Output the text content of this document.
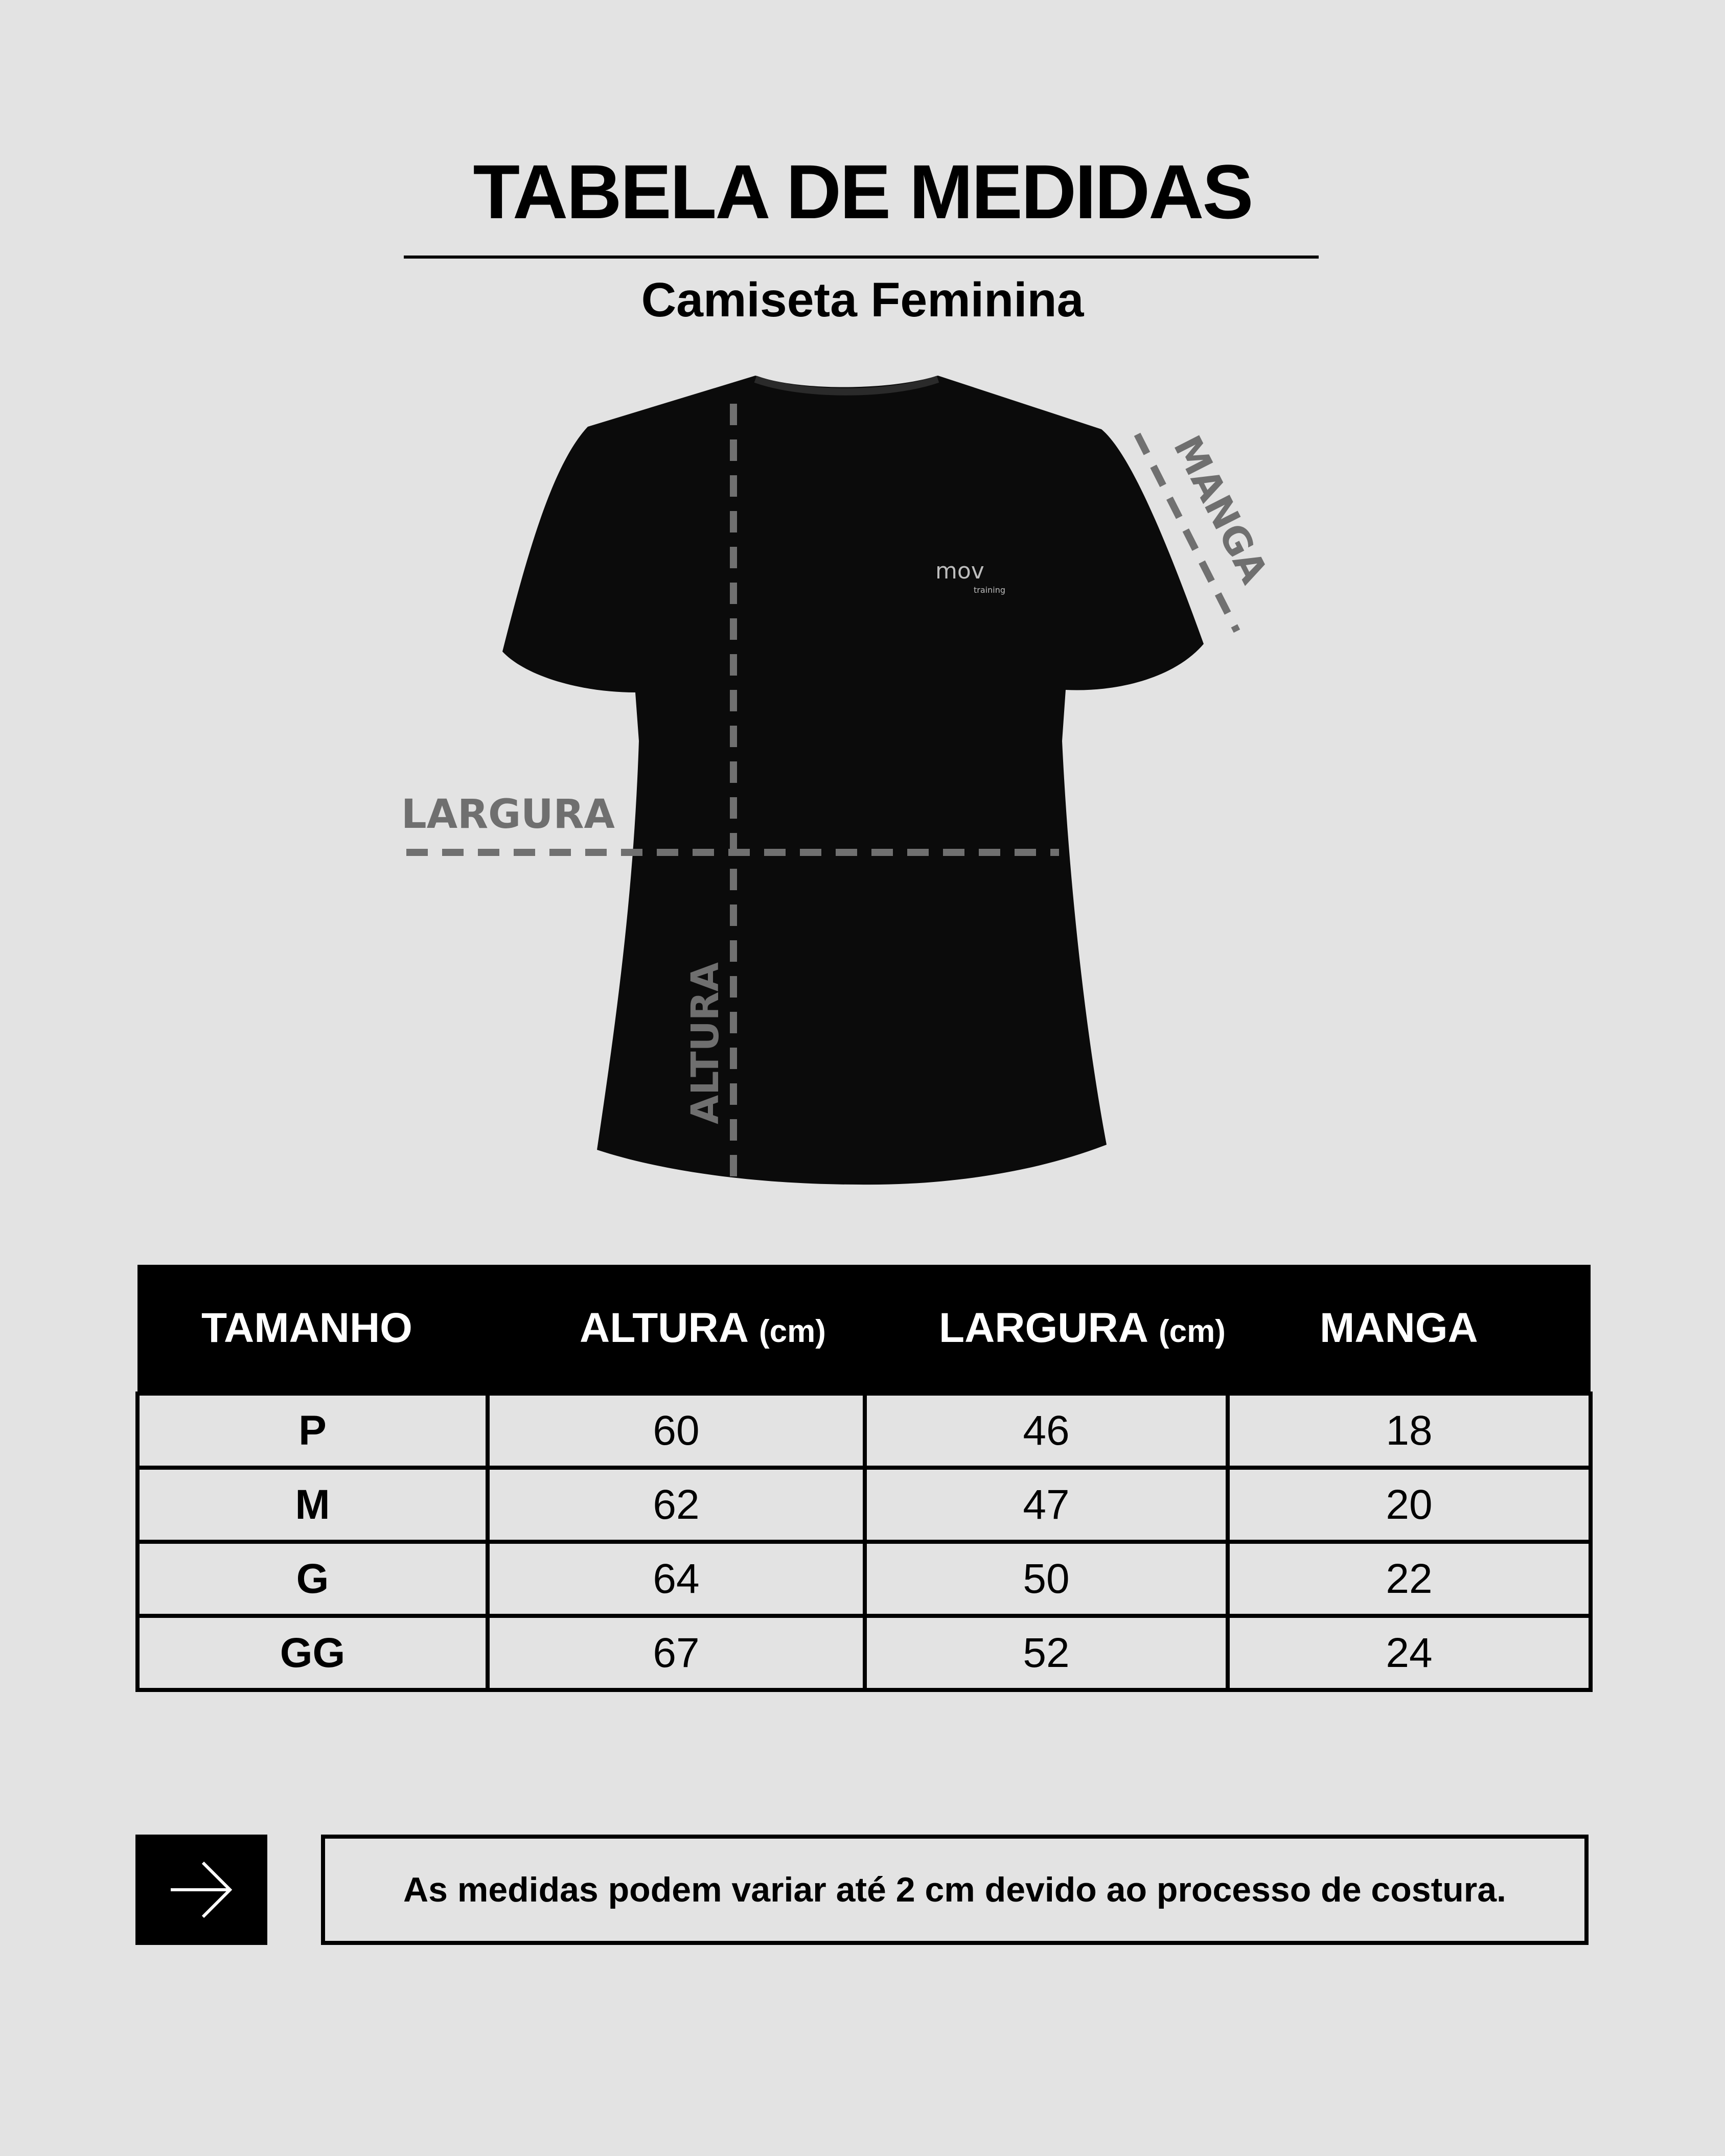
TABELA DE MEDIDAS
Camiseta Feminina
mov
training
LARGURA
ALTURA
MANGA
TAMANHO	ALTURA (cm)	LARGURA (cm)	MANGA
P	60	46	18
M	62	47	20
G	64	50	22
GG	67	52	24
As medidas podem variar até 2 cm devido ao processo de costura.
